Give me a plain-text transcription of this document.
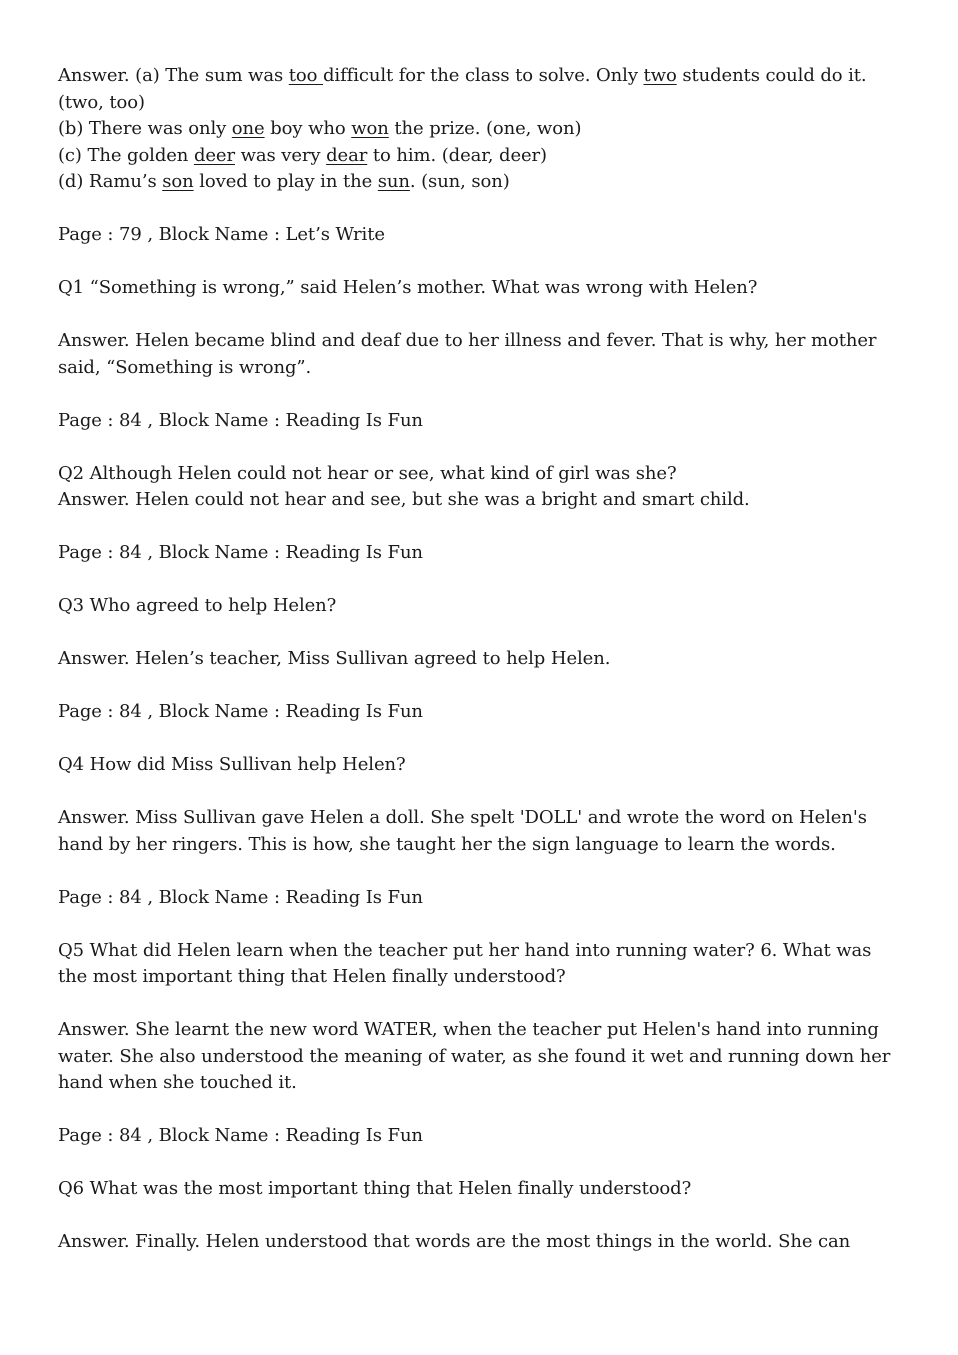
Answer. (a) The sum was too difficult for the class to solve. Only two students could do it. (two, too)

(b) There was only one boy who won the prize. (one, won)

(c) The golden deer was very dear to him. (dear, deer)

(d) Ramu’s son loved to play in the sun. (sun, son)

Page : 79 , Block Name : Let’s Write

Q1 “Something is wrong,” said Helen’s mother. What was wrong with Helen?

Answer. Helen became blind and deaf due to her illness and fever. That is why, her mother said, “Something is wrong”.

Page : 84 , Block Name : Reading Is Fun

Q2 Although Helen could not hear or see, what kind of girl was she?

Answer. Helen could not hear and see, but she was a bright and smart child.

Page : 84 , Block Name : Reading Is Fun

Q3 Who agreed to help Helen?

Answer. Helen’s teacher, Miss Sullivan agreed to help Helen.

Page : 84 , Block Name : Reading Is Fun

Q4 How did Miss Sullivan help Helen?

Answer. Miss Sullivan gave Helen a doll. She spelt 'DOLL' and wrote the word on Helen's hand by her ringers. This is how, she taught her the sign language to learn the words.

Page : 84 , Block Name : Reading Is Fun

Q5 What did Helen learn when the teacher put her hand into running water? 6. What was the most important thing that Helen finally understood?

Answer. She learnt the new word WATER, when the teacher put Helen's hand into running water. She also understood the meaning of water, as she found it wet and running down her hand when she touched it.

Page : 84 , Block Name : Reading Is Fun

Q6 What was the most important thing that Helen finally understood?

Answer. Finally. Helen understood that words are the most things in the world. She can
